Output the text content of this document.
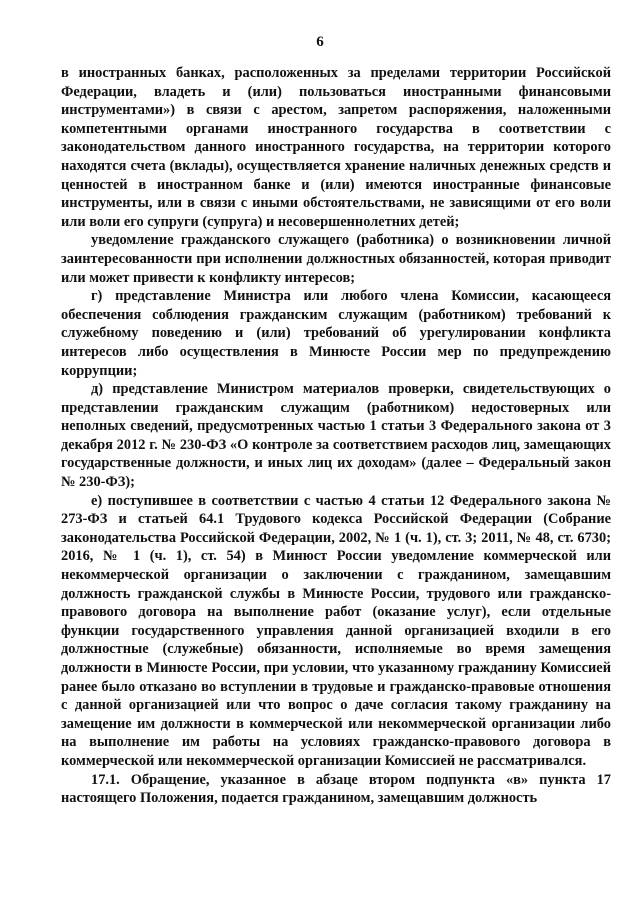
6

в иностранных банках, расположенных за пределами территории Российской Федерации, владеть и (или) пользоваться иностранными финансовыми инструментами») в связи с арестом, запретом распоряжения, наложенными компетентными органами иностранного государства в соответствии с законодательством данного иностранного государства, на территории которого находятся счета (вклады), осуществляется хранение наличных денежных средств и ценностей в иностранном банке и (или) имеются иностранные финансовые инструменты, или в связи с иными обстоятельствами, не зависящими от его воли или воли его супруги (супруга) и несовершеннолетних детей;

уведомление гражданского служащего (работника) о возникновении личной заинтересованности при исполнении должностных обязанностей, которая приводит или может привести к конфликту интересов;

г) представление Министра или любого члена Комиссии, касающееся обеспечения соблюдения гражданским служащим (работником) требований к служебному поведению и (или) требований об урегулировании конфликта интересов либо осуществления в Минюсте России мер по предупреждению коррупции;

д) представление Министром материалов проверки, свидетельствующих о представлении гражданским служащим (работником) недостоверных или неполных сведений, предусмотренных частью 1 статьи 3 Федерального закона от 3 декабря 2012 г. № 230-ФЗ «О контроле за соответствием расходов лиц, замещающих государственные должности, и иных лиц их доходам» (далее – Федеральный закон № 230-ФЗ);

е) поступившее в соответствии с частью 4 статьи 12 Федерального закона № 273-ФЗ и статьей 64.1 Трудового кодекса Российской Федерации (Собрание законодательства Российской Федерации, 2002, № 1 (ч. 1), ст. 3; 2011, № 48, ст. 6730; 2016, № 1 (ч. 1), ст. 54) в Минюст России уведомление коммерческой или некоммерческой организации о заключении с гражданином, замещавшим должность гражданской службы в Минюсте России, трудового или гражданско-правового договора на выполнение работ (оказание услуг), если отдельные функции государственного управления данной организацией входили в его должностные (служебные) обязанности, исполняемые во время замещения должности в Минюсте России, при условии, что указанному гражданину Комиссией ранее было отказано во вступлении в трудовые и гражданско-правовые отношения с данной организацией или что вопрос о даче согласия такому гражданину на замещение им должности в коммерческой или некоммерческой организации либо на выполнение им работы на условиях гражданско-правового договора в коммерческой или некоммерческой организации Комиссией не рассматривался.

17.1. Обращение, указанное в абзаце втором подпункта «в» пункта 17 настоящего Положения, подается гражданином, замещавшим должность
